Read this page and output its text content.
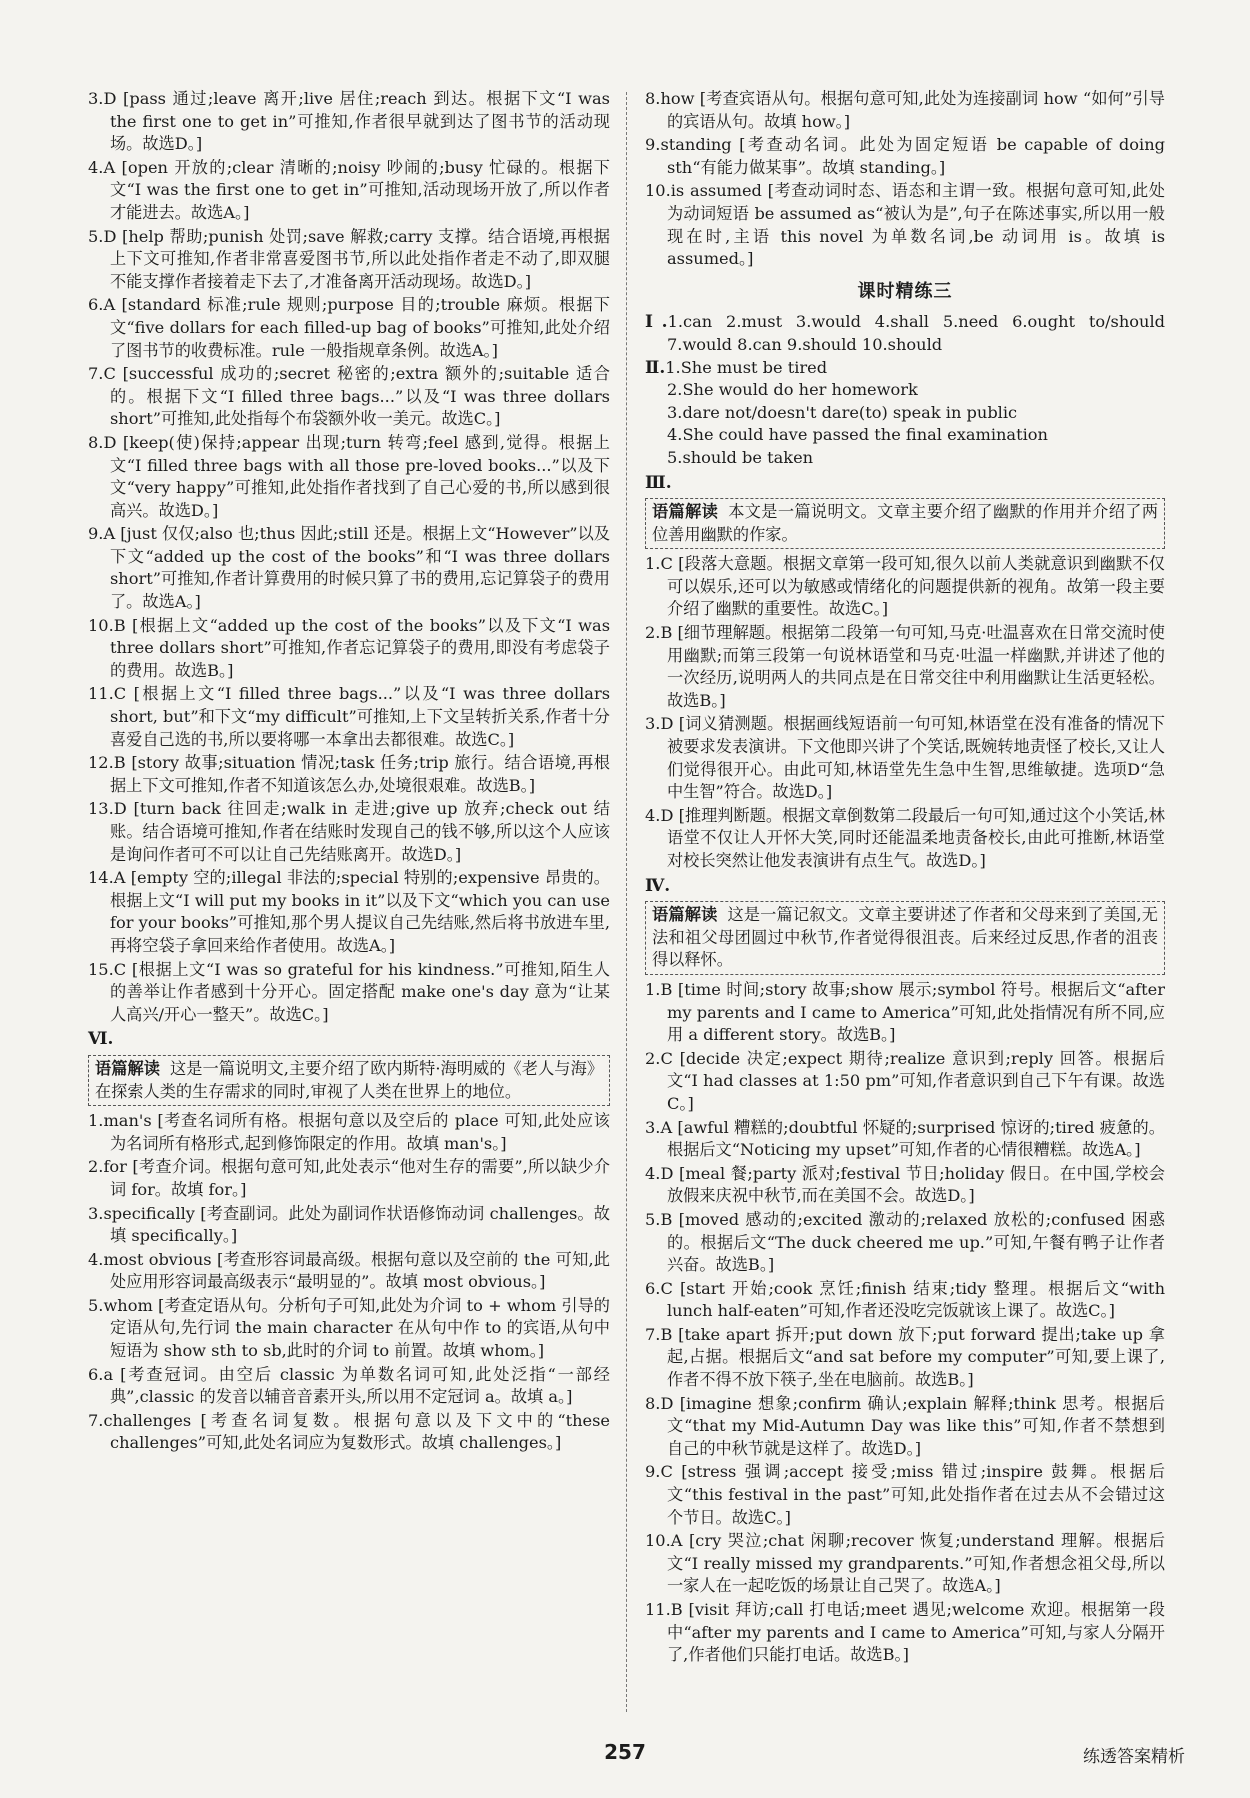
3.D [pass 通过;leave 离开;live 居住;reach 到达。根据下文“I was the first one to get in”可推知,作者很早就到达了图书节的活动现场。故选D。]
4.A [open 开放的;clear 清晰的;noisy 吵闹的;busy 忙碌的。根据下文“I was the first one to get in”可推知,活动现场开放了,所以作者才能进去。故选A。]
5.D [help 帮助;punish 处罚;save 解救;carry 支撑。结合语境,再根据上下文可推知,作者非常喜爱图书节,所以此处指作者走不动了,即双腿不能支撑作者接着走下去了,才准备离开活动现场。故选D。]
6.A [standard 标准;rule 规则;purpose 目的;trouble 麻烦。根据下文“five dollars for each filled-up bag of books”可推知,此处介绍了图书节的收费标准。rule 一般指规章条例。故选A。]
7.C [successful 成功的;secret 秘密的;extra 额外的;suitable 适合的。根据下文“I filled three bags...”以及“I was three dollars short”可推知,此处指每个布袋额外收一美元。故选C。]
8.D [keep(使)保持;appear 出现;turn 转弯;feel 感到,觉得。根据上文“I filled three bags with all those pre-loved books...”以及下文“very happy”可推知,此处指作者找到了自己心爱的书,所以感到很高兴。故选D。]
9.A [just 仅仅;also 也;thus 因此;still 还是。根据上文“However”以及下文“added up the cost of the books”和“I was three dollars short”可推知,作者计算费用的时候只算了书的费用,忘记算袋子的费用了。故选A。]
10.B [根据上文“added up the cost of the books”以及下文“I was three dollars short”可推知,作者忘记算袋子的费用,即没有考虑袋子的费用。故选B。]
11.C [根据上文“I filled three bags...”以及“I was three dollars short, but”和下文“my difficult”可推知,上下文呈转折关系,作者十分喜爱自己选的书,所以要将哪一本拿出去都很难。故选C。]
12.B [story 故事;situation 情况;task 任务;trip 旅行。结合语境,再根据上下文可推知,作者不知道该怎么办,处境很艰难。故选B。]
13.D [turn back 往回走;walk in 走进;give up 放弃;check out 结账。结合语境可推知,作者在结账时发现自己的钱不够,所以这个人应该是询问作者可不可以让自己先结账离开。故选D。]
14.A [empty 空的;illegal 非法的;special 特别的;expensive 昂贵的。根据上文“I will put my books in it”以及下文“which you can use for your books”可推知,那个男人提议自己先结账,然后将书放进车里,再将空袋子拿回来给作者使用。故选A。]
15.C [根据上文“I was so grateful for his kindness.”可推知,陌生人的善举让作者感到十分开心。固定搭配 make one's day 意为“让某人高兴/开心一整天”。故选C。]
Ⅵ.
语篇解读 这是一篇说明文,主要介绍了欧内斯特·海明威的《老人与海》在探索人类的生存需求的同时,审视了人类在世界上的地位。
1.man's [考查名词所有格。根据句意以及空后的 place 可知,此处应该为名词所有格形式,起到修饰限定的作用。故填 man's。]
2.for [考查介词。根据句意可知,此处表示“他对生存的需要”,所以缺少介词 for。故填 for。]
3.specifically [考查副词。此处为副词作状语修饰动词 challenges。故填 specifically。]
4.most obvious [考查形容词最高级。根据句意以及空前的 the 可知,此处应用形容词最高级表示“最明显的”。故填 most obvious。]
5.whom [考查定语从句。分析句子可知,此处为介词 to + whom 引导的定语从句,先行词 the main character 在从句中作 to 的宾语,从句中短语为 show sth to sb,此时的介词 to 前置。故填 whom。]
6.a [考查冠词。由空后 classic 为单数名词可知,此处泛指“一部经典”,classic 的发音以辅音音素开头,所以用不定冠词 a。故填 a。]
7.challenges [考查名词复数。根据句意以及下文中的“these challenges”可知,此处名词应为复数形式。故填 challenges。]
8.how [考查宾语从句。根据句意可知,此处为连接副词 how “如何”引导的宾语从句。故填 how。]
9.standing [考查动名词。此处为固定短语 be capable of doing sth“有能力做某事”。故填 standing。]
10.is assumed [考查动词时态、语态和主谓一致。根据句意可知,此处为动词短语 be assumed as“被认为是”,句子在陈述事实,所以用一般现在时,主语 this novel 为单数名词,be 动词用 is。故填 is assumed。]
课时精练三
Ⅰ.1.can 2.must 3.would 4.shall 5.need 6.ought to/should 7.would 8.can 9.should 10.should
Ⅱ.1.She must be tired
2.She would do her homework
3.dare not/doesn't dare(to) speak in public
4.She could have passed the final examination
5.should be taken
Ⅲ.
语篇解读 本文是一篇说明文。文章主要介绍了幽默的作用并介绍了两位善用幽默的作家。
1.C [段落大意题。根据文章第一段可知,很久以前人类就意识到幽默不仅可以娱乐,还可以为敏感或情绪化的问题提供新的视角。故第一段主要介绍了幽默的重要性。故选C。]
2.B [细节理解题。根据第二段第一句可知,马克·吐温喜欢在日常交流时使用幽默;而第三段第一句说林语堂和马克·吐温一样幽默,并讲述了他的一次经历,说明两人的共同点是在日常交往中利用幽默让生活更轻松。故选B。]
3.D [词义猜测题。根据画线短语前一句可知,林语堂在没有准备的情况下被要求发表演讲。下文他即兴讲了个笑话,既婉转地责怪了校长,又让人们觉得很开心。由此可知,林语堂先生急中生智,思维敏捷。选项D“急中生智”符合。故选D。]
4.D [推理判断题。根据文章倒数第二段最后一句可知,通过这个小笑话,林语堂不仅让人开怀大笑,同时还能温柔地责备校长,由此可推断,林语堂对校长突然让他发表演讲有点生气。故选D。]
Ⅳ.
语篇解读 这是一篇记叙文。文章主要讲述了作者和父母来到了美国,无法和祖父母团圆过中秋节,作者觉得很沮丧。后来经过反思,作者的沮丧得以释怀。
1.B [time 时间;story 故事;show 展示;symbol 符号。根据后文“after my parents and I came to America”可知,此处指情况有所不同,应用 a different story。故选B。]
2.C [decide 决定;expect 期待;realize 意识到;reply 回答。根据后文“I had classes at 1:50 pm”可知,作者意识到自己下午有课。故选C。]
3.A [awful 糟糕的;doubtful 怀疑的;surprised 惊讶的;tired 疲惫的。根据后文“Noticing my upset”可知,作者的心情很糟糕。故选A。]
4.D [meal 餐;party 派对;festival 节日;holiday 假日。在中国,学校会放假来庆祝中秋节,而在美国不会。故选D。]
5.B [moved 感动的;excited 激动的;relaxed 放松的;confused 困惑的。根据后文“The duck cheered me up.”可知,午餐有鸭子让作者兴奋。故选B。]
6.C [start 开始;cook 烹饪;finish 结束;tidy 整理。根据后文“with lunch half-eaten”可知,作者还没吃完饭就该上课了。故选C。]
7.B [take apart 拆开;put down 放下;put forward 提出;take up 拿起,占据。根据后文“and sat before my computer”可知,要上课了,作者不得不放下筷子,坐在电脑前。故选B。]
8.D [imagine 想象;confirm 确认;explain 解释;think 思考。根据后文“that my Mid-Autumn Day was like this”可知,作者不禁想到自己的中秋节就是这样了。故选D。]
9.C [stress 强调;accept 接受;miss 错过;inspire 鼓舞。根据后文“this festival in the past”可知,此处指作者在过去从不会错过这个节日。故选C。]
10.A [cry 哭泣;chat 闲聊;recover 恢复;understand 理解。根据后文“I really missed my grandparents.”可知,作者想念祖父母,所以一家人在一起吃饭的场景让自己哭了。故选A。]
11.B [visit 拜访;call 打电话;meet 遇见;welcome 欢迎。根据第一段中“after my parents and I came to America”可知,与家人分隔开了,作者他们只能打电话。故选B。]
257	练透答案精析
